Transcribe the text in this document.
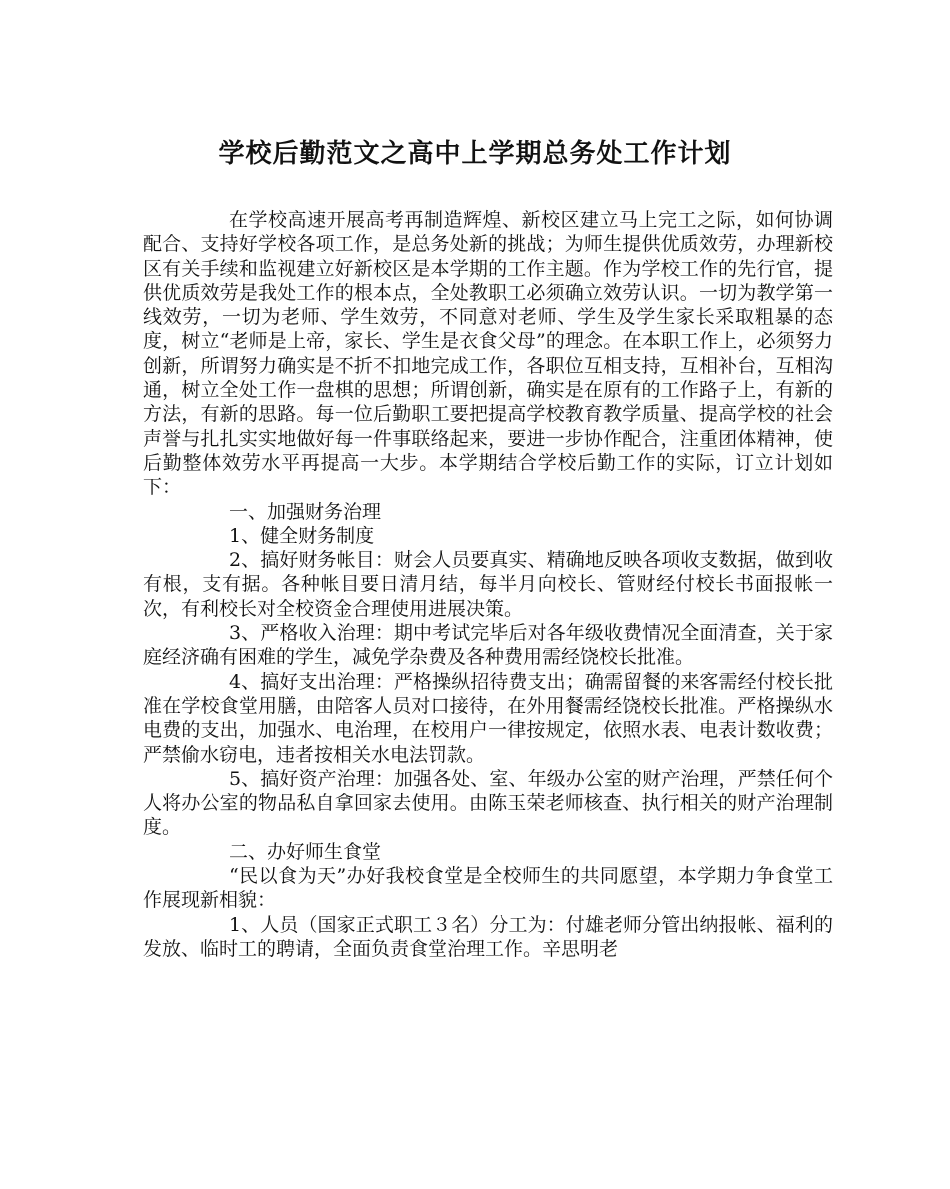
学校后勤范文之高中上学期总务处工作计划

在学校高速开展高考再制造辉煌、新校区建立马上完工之际，如何协调配合、支持好学校各项工作，是总务处新的挑战；为师生提供优质效劳，办理新校区有关手续和监视建立好新校区是本学期的工作主题。作为学校工作的先行官，提供优质效劳是我处工作的根本点，全处教职工必须确立效劳认识。一切为教学第一线效劳，一切为老师、学生效劳，不同意对老师、学生及学生家长采取粗暴的态度，树立“老师是上帝，家长、学生是衣食父母”的理念。在本职工作上，必须努力创新，所谓努力确实是不折不扣地完成工作，各职位互相支持，互相补台，互相沟通，树立全处工作一盘棋的思想；所谓创新，确实是在原有的工作路子上，有新的方法，有新的思路。每一位后勤职工要把提高学校教育教学质量、提高学校的社会声誉与扎扎实实地做好每一件事联络起来，要进一步协作配合，注重团体精神，使后勤整体效劳水平再提高一大步。本学期结合学校后勤工作的实际，订立计划如下：

一、加强财务治理

1、健全财务制度

2、搞好财务帐目：财会人员要真实、精确地反映各项收支数据，做到收有根，支有据。各种帐目要日清月结，每半月向校长、管财经付校长书面报帐一次，有利校长对全校资金合理使用进展决策。

3、严格收入治理：期中考试完毕后对各年级收费情况全面清查，关于家庭经济确有困难的学生，减免学杂费及各种费用需经饶校长批准。

4、搞好支出治理：严格操纵招待费支出；确需留餐的来客需经付校长批准在学校食堂用膳，由陪客人员对口接待，在外用餐需经饶校长批准。严格操纵水电费的支出，加强水、电治理，在校用户一律按规定，依照水表、电表计数收费；严禁偷水窃电，违者按相关水电法罚款。

5、搞好资产治理：加强各处、室、年级办公室的财产治理，严禁任何个人将办公室的物品私自拿回家去使用。由陈玉荣老师核查、执行相关的财产治理制度。

二、办好师生食堂

“民以食为天”办好我校食堂是全校师生的共同愿望，本学期力争食堂工作展现新相貌：

1、人员（国家正式职工３名）分工为：付雄老师分管出纳报帐、福利的发放、临时工的聘请，全面负责食堂治理工作。辛思明老
